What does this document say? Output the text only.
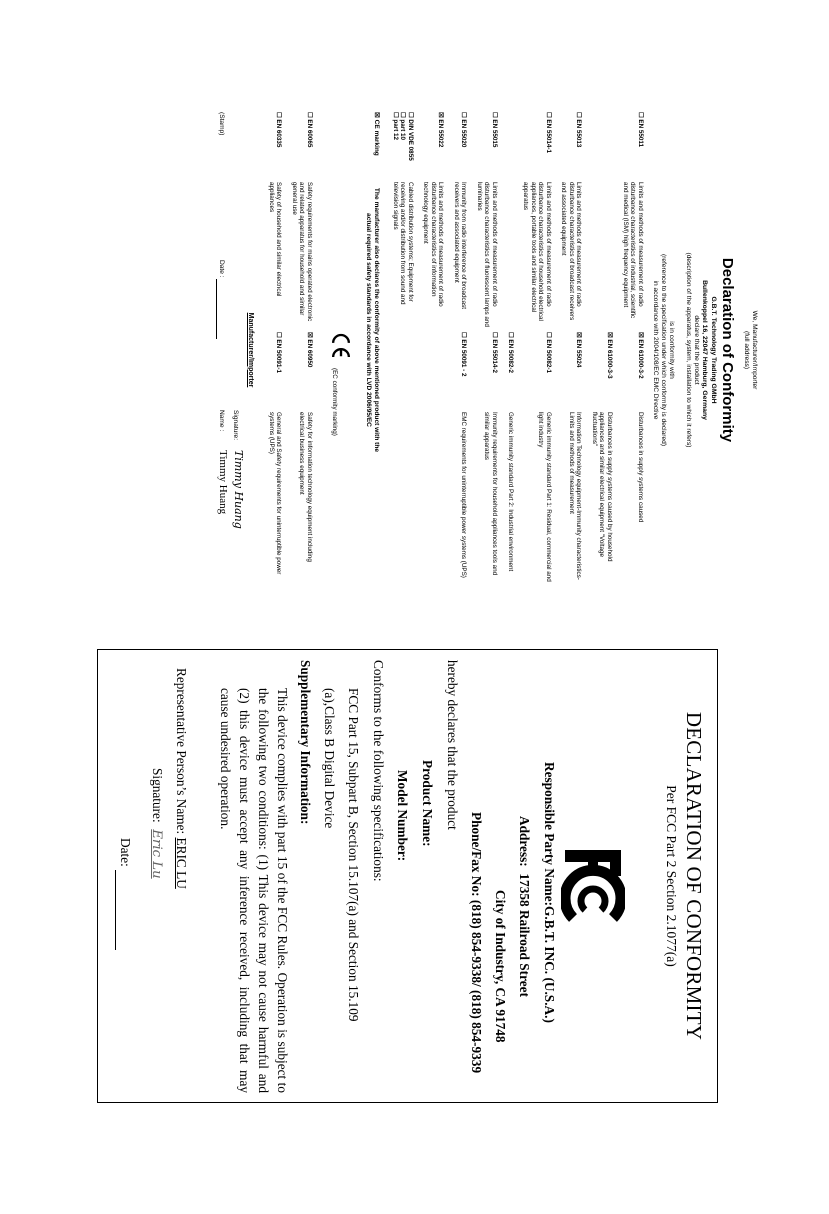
We, Manufacturer/Importer
(full address)
Declaration of Conformity
G.B.T. Technology Trading GMbH
Bullenkoppel 16, 22047 Hamburg, Germany
declare that the product
(description of the apparatus, system, installation to which it refers)
is in conformity with
(reference to the specification under which conformity is declared)
in accordance with 2004/108/EC EMC Directive
☐ EN 55011	Limits and methods of measurement of radio disturbance characteristics of industrial, scientific and medical (ISM) high frequency equipment	☒ EN 61000-3-2	Disturbances in supply systems caused
		☒ EN 61000-3-3	Disturbances in supply systems caused by household appliances and similar electrical equipment "Voltage fluctuations"
☐ EN 55013	Limits and methods of measurement of radio disturbance characteristics of broadcast receivers and associated equipment	☒ EN 55024	Information Technology equipment-Immunity characteristics-Limits and methods of measurement
☐ EN 55014-1	Limits and methods of measurement of radio disturbance characteristics of household electrical appliances, portable tools and similar electrical apparatus	☐ EN 50082-1	Generic immunity standard Part 1: Residual, commercial and light industry
		☐ EN 50082-2	Generic immunity standard Part 2: Industrial environment
☐ EN 55015	Limits and methods of measurement of radio disturbance characteristics of fluorescent lamps and luminaries	☐ EN 55014-2	Immunity requirements for household appliances tools and similar apparatus
☐ EN 55020	Immunity from radio interference of broadcast receivers and associated equipment	☐ EN 50091 - 2	EMC requirements for uninterruptible power systems (UPS)
☒ EN 55022	Limits and methods of measurement of radio disturbance characteristics of information technology equipment		
☐ DIN VDE 0855
☐ part 10
☐ part 12	Cabled distribution systems; Equipment for receiving and/or distribution from sound and television signals		
☒ CE marking
The manufacturer also declares the conformity of above mentioned product with the actual required safety standards in accordance with LVD 2006/95/EC
(EC conformity marking)
☐ EN 60065	Safety requirements for mains operated electronic and related apparatus for household and similar general use	☒ EN 60950	Safety for information technology equipment including electrical business equipment
☐ EN 60335	Safety of household and similar electrical appliances	☐ EN 50091-1	General and Safety requirements for uninterruptible power systems (UPS)
Manufacturer/Importer
(Stamp)
Date :
Signature:
Timmy Huang
Name :
Timmy Huang
DECLARATION OF CONFORMITY
Per FCC Part 2 Section 2.1077(a)
Responsible Party Name:G.B.T. INC. (U.S.A.)
Address:  17358 Railroad Street
City of Industry, CA 91748
Phone/Fax No: (818) 854-9338/ (818) 854-9339
hereby declares that the product
Product Name:
Model Number:
Conforms to the following specifications:
FCC Part 15, Subpart B, Section 15.107(a) and Section 15.109
(a),Class B Digital Device
Supplementary Information:
This device complies with part 15 of the FCC Rules. Operation is subject to the following two conditions: (1) This device may not cause harmful and (2) this device must accept any inference received, including that may cause undesired operation.
Representative Person’s Name: ERIC LU
Signature:  Eric Lu
Date:
